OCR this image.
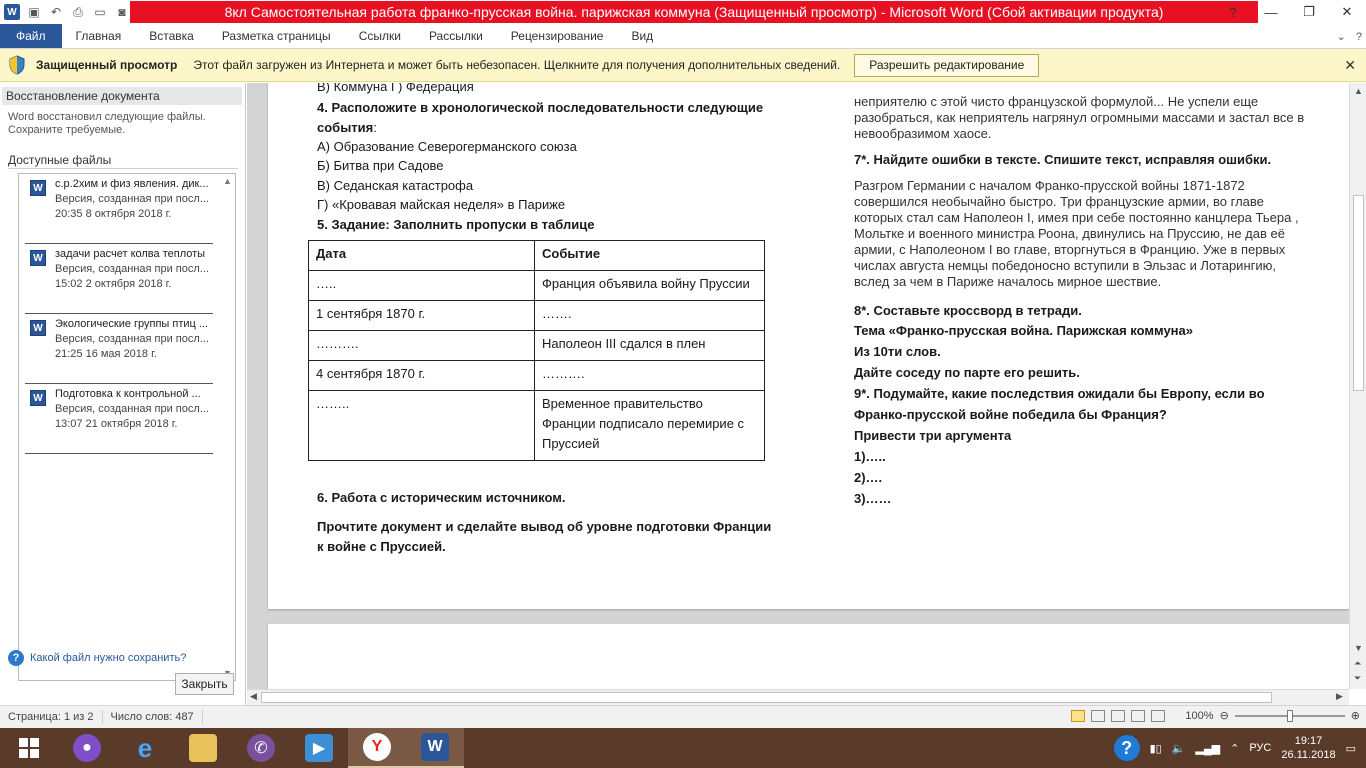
W ▣ ↶	⎙ ▭	◙	8кл Самостоятельная работа франко-прусская война. парижская коммуна (Защищенный просмотр) - Microsoft Word (Сбой активации продукта)	?	—	❐	✕
Файл	Главная	Вставка	Разметка страницы	Ссылки	Рассылки	Рецензирование	Вид	⌄ ?
Защищенный просмотр Этот файл загружен из Интернета и может быть небезопасен. Щелкните для получения дополнительных сведений.	Разрешить редактирование	✕
Восстановление документа
Word восстановил следующие файлы. Сохраните требуемые.
Доступные файлы
W с.р.2хим и физ явления. дик...
Версия, созданная при посл...
20:35 8 октября 2018 г.
W задачи расчет колва теплоты
Версия, созданная при посл...
15:02 2 октября 2018 г.
W Экологические группы птиц ...
Версия, созданная при посл...
21:25 16 мая 2018 г.
W Подготовка к контрольной ...
Версия, созданная при посл...
13:07 21 октября 2018 г.
▲
? Какой файл нужно сохранить?
Закрыть
В) Коммуна Г) Федерация
4. Расположите в хронологической последовательности следующие
события:
А) Образование Северогерманского союза
Б) Битва при Садове
В) Седанская катастрофа
Г) «Кровавая майская неделя» в Париже
5. Задание: Заполнить пропуски в таблице
Дата	Событие
…..	Франция объявила войну Пруссии
1 сентября 1870 г.	…….
……….	Наполеон III сдался в плен
4 сентября 1870 г.	……….
……..	Временное правительство Франции подписало перемирие с Пруссией
6. Работа с историческим источником.
Прочтите документ и сделайте вывод об уровне подготовки Франции
к войне с Пруссией.
неприятелю с этой чисто французской формулой... Не успели еще
разобраться, как неприятель нагрянул огромными массами и застал все в
невообразимом хаосе.
7*. Найдите ошибки в тексте. Спишите текст, исправляя ошибки.
Разгром Германии с началом Франко-прусской войны 1871-1872
совершился необычайно быстро. Три французские армии, во главе
которых стал сам Наполеон I, имея при себе постоянно канцлера Тьера ,
Мольтке и военного министра Роона, двинулись на Пруссию, не дав её
армии, с Наполеоном I во главе, вторгнуться в Францию. Уже в первых
числах августа немцы победоносно вступили в Эльзас и Лотарингию,
вслед за чем в Париже началось мирное шествие.
8*. Составьте кроссворд в тетради.
Тема «Франко-прусская война. Парижская коммуна»
Из 10ти слов.
Дайте соседу по парте его решить.
9*. Подумайте, какие последствия ожидали бы Европу, если во
Франко-прусской войне победила бы Франция?
Привести три аргумента
1)…..
2)….
3)……
▲
▼
⏶
⏷
◀	▶
Страница: 1 из 2	Число слов: 487	100% ⊖	⊕
●	e	✆	▶	Y	W	?	▮▯ 🔈 ▂▄▆ ⌃ РУС
19:17
26.11.2018
▭
